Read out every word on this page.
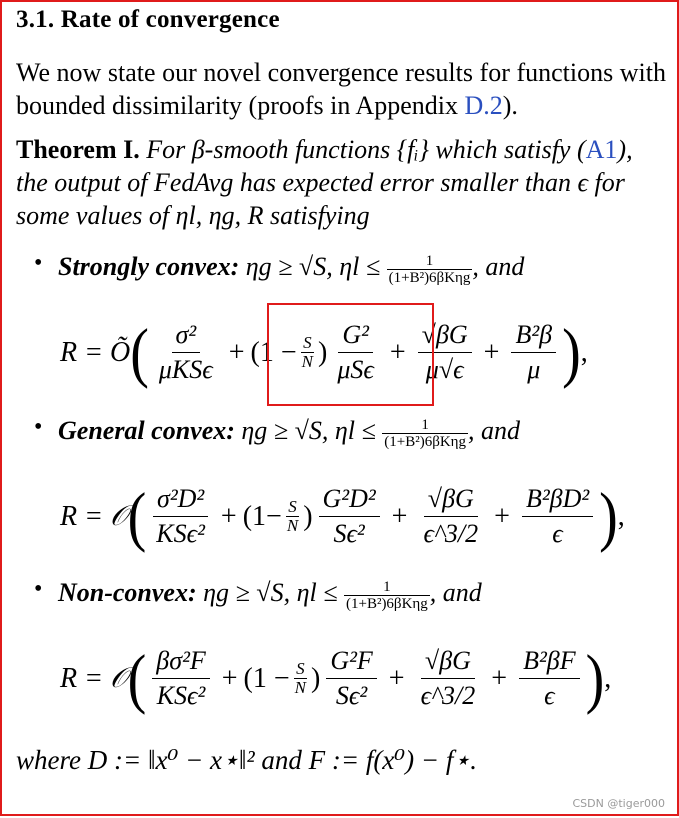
3.1. Rate of convergence
We now state our novel convergence results for functions with bounded dissimilarity (proofs in Appendix D.2).
Theorem I. For β-smooth functions {fᵢ} which satisfy (A1), the output of FedAvg has expected error smaller than ϵ for some values of ηl, ηg, R satisfying
• Strongly convex: ηg ≥ √S, $\eta l \le \frac{1}{\text{(1+B²)6βKηg}}$ , and
R = Õ ( σ²
μKSϵ
+ ($1 - \frac{S}{N}$ )
G²
μSϵ
+ $\frac{√\beta G}{\mu√\epsilon} + \frac{\text{B²β}}{\mu}$ ) ,
• General convex: ηg ≥ √S, $\eta l \le \frac{1}{\text{(1+B²)6βKηg}}$ , and
R = 𝒪 ( σ²D²
KSϵ²
+ ($1- \frac{S}{N}$ )
G²D²
Sϵ²
+ $\frac{√\beta G}{\epsilon\^{}3/2} + \frac{\text{B²βD²}}{\epsilon}$ ) ,
• Non-convex: ηg ≥ √S, $\eta l \le \frac{1}{\text{(1+B²)6βKηg}}$ , and
R = 𝒪 ( βσ²F
KSϵ²
+ ($1 - \frac{S}{N}$ )
G²F
Sϵ²
+ $\frac{√\beta G}{\epsilon\^{}3/2} + \frac{\text{B²βF}}{\epsilon}$ ) ,
where D := ‖x⁰ − x⋆‖² and F := f(x⁰) − f⋆.
CSDN @tiger000
